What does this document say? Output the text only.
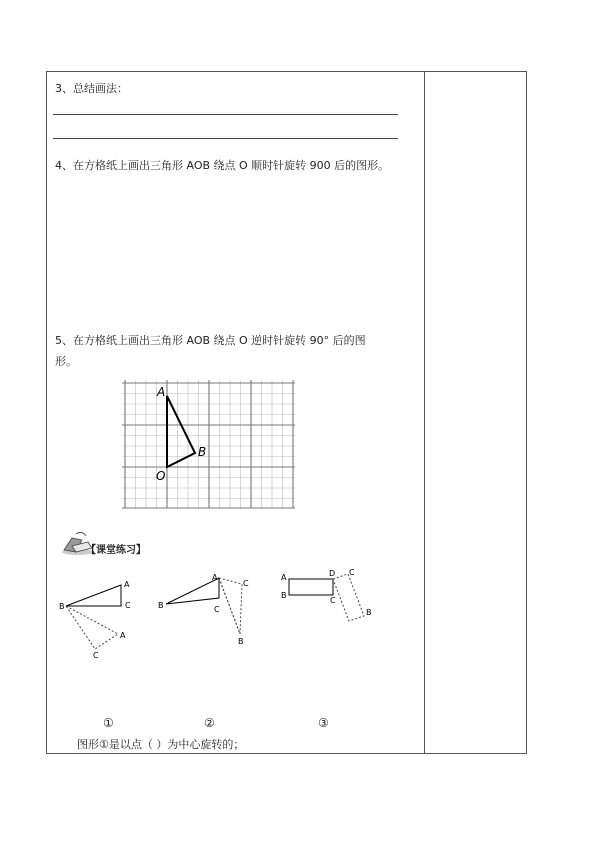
3、总结画法：
4、在方格纸上画出三角形 AOB 绕点 O 顺时针旋转 900 后的图形。
5、在方格纸上画出三角形 AOB 绕点 O 逆时针旋转 90° 后的图
形。
A
O
B
【课堂练习】
A
B	C
A
C
A
B	C
C
B
A	D
B
C
C
B
①	②	③
图形①是以点（ ）为中心旋转的；
